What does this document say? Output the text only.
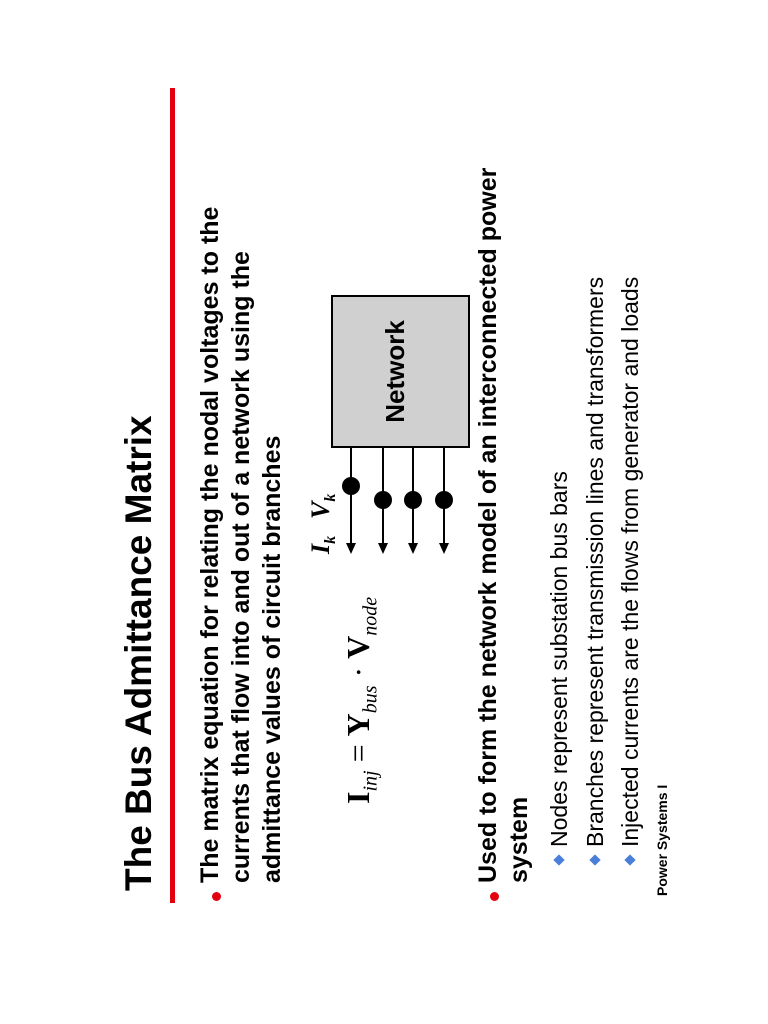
The Bus Admittance Matrix The matrix equation for relating the nodal voltages to the currents that flow into and out of a network using the admittance values of circuit branches $I_{inj} = Y_{bus} \cdot V_{node}$
Network
$I_k$
$V_k$	Used to form the network model of an interconnected power system Nodes represent substation bus bars Branches represent transmission lines and transformers Injected currents are the flows from generator and loads Power Systems I
